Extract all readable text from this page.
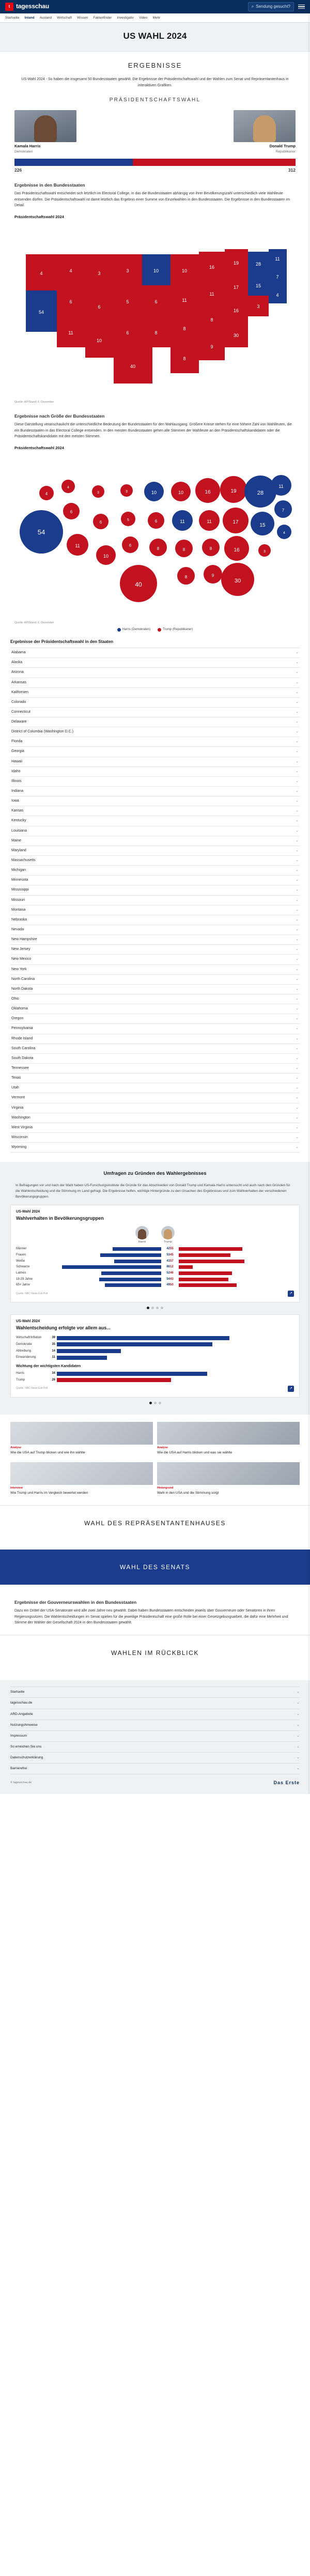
t tagesschau	⌕ Sendung gesucht?
Startseite Inland Ausland Wirtschaft Wissen Faktenfinder Investigativ Video Mehr
US WAHL 2024
ERGEBNISSE
US-Wahl 2024 - So haben die insgesamt 50 Bundesstaaten gewählt. Die Ergebnisse der Präsidentschaftswahl und der Wahlen zum Senat und Repräsentantenhaus in interaktiven Grafiken.
PRÄSIDENTSCHAFTSWAHL
Kamala Harris
Demokraten
Donald Trump
Republikaner
226	312
Ergebnisse in den Bundesstaaten
Das Präsidentschaftswahl entscheidet sich letztlich im Electoral College, in das die Bundesstaaten abhängig von ihrer Bevölkerungszahl unterschiedlich viele Wahlleute entsenden dürfen. Die Präsidentschaftswahl ist damit letztlich das Ergebnis einer Summe von Einzelwahlen in den Bundesstaaten. Die Ergebnisse in den Bundesstaaten im Detail.
Präsidentschaftswahl 2024
4
54
4
6
11
3
6
10
3
5
6
40
10
6
8
10
11
8
8
16
11
8
9
19
17
16
30
28
15
3
11
7
4
Quelle: AP/Stand: 6. Dezember
Ergebnisse nach Größe der Bundesstaaten
Diese Darstellung veranschaulicht die unterschiedliche Bedeutung der Bundesstaaten für den Wahlausgang. Größere Kreise stehen für eine höhere Zahl von Wahlleuten, die ein Bundesstaaten in das Electoral College entsenden. In den meisten Bundesstaaten gehen alle Stimmen der Wahlleute an den Präsidentschaftskandidaten oder die Präsidentschaftskandidatin mit den meisten Stimmen.
Präsidentschaftswahl 2024
54
4
6
11
4
3
6
10
3
5
6
40
10
6
8
10
11
8
8
16
11
8
9
19
17
16
30
28
15
3
11
7
4
Quelle: AP/Stand: 6. Dezember
Harris (Demokraten)	Trump (Republikaner)
Ergebnisse der Präsidentschaftswahl in den Staaten
Alabama	⌄
Alaska	⌄
Arizona	⌄
Arkansas	⌄
Kalifornien	⌄
Colorado	⌄
Connecticut	⌄
Delaware	⌄
District of Columbia (Washington D.C.)	⌄
Florida	⌄
Georgia	⌄
Hawaii	⌄
Idaho	⌄
Illinois	⌄
Indiana	⌄
Iowa	⌄
Kansas	⌄
Kentucky	⌄
Louisiana	⌄
Maine	⌄
Maryland	⌄
Massachusetts	⌄
Michigan	⌄
Minnesota	⌄
Mississippi	⌄
Missouri	⌄
Montana	⌄
Nebraska	⌄
Nevada	⌄
New Hampshire	⌄
New Jersey	⌄
New Mexico	⌄
New York	⌄
North Carolina	⌄
North Dakota	⌄
Ohio	⌄
Oklahoma	⌄
Oregon	⌄
Pennsylvania	⌄
Rhode Island	⌄
South Carolina	⌄
South Dakota	⌄
Tennessee	⌄
Texas	⌄
Utah	⌄
Vermont	⌄
Virginia	⌄
Washington	⌄
West Virginia	⌄
Wisconsin	⌄
Wyoming	⌄
Umfragen zu Gründen des Wahlergebnisses
In Befragungen vor und nach der Wahl haben US-Forschungsinstitute die Gründe für das Abschneiden von Donald Trump und Kamala Harris untersucht und auch nach den Gründen für die Wahlentscheidung und die Stimmung im Land gefragt. Die Ergebnisse helfen, wichtige Hintergründe zu den Ursachen des Ergebnisses und zum Wahlverhalten der verschiedenen Bevölkerungsgruppen.
US-Wahl 2024
Wahlverhalten in Bevölkerungsgruppen
Harris	Trump
Männer	42 55
Frauen	53 45
Weiße	41 57
Schwarze	86 12
Latinos	52 46
18-29 Jahre	54 43
65+ Jahre	49 50
Quelle: NBC News Exit Poll	↗
US-Wahl 2024
Wahlentscheidung erfolgte vor allem aus...
Wirtschaft/Inflation	39
Demokratie	35
Abtreibung	14
Einwanderung	11
Wichtung der wichtigsten Kandidaten
Harris	34
Trump	26
Quelle: NBC News Exit Poll	↗
Analyse
Wie die USA auf Trump blicken und wie ihn wählte
Analyse
Wie die USA auf Harris blicken und was sie wählte
Interview
Wie Trump und Harris im Vergleich bewertet werden
Hintergrund
Wahl in den USA und die Stimmung sorgt
WAHL DES REPRÄSENTANTENHAUSES
WAHL DES SENATS
Ergebnisse der Gouverneurswahlen in den Bundesstaaten
Dazu ein Drittel der USA-Senatorate wird alle zwei Jahre neu gewählt. Dabei haben Bundesstaaten entscheiden jeweils über Gouverneure oder Senatoren in ihren Regierungssitzen. Die Wahlentscheidungen im Senat spielen für die jeweilige Präsidentschaft eine große Rolle bei einer Gesetzgebungsarbeit, die dafür eine Mehrheit und Stimme der Wähler der Gesellschaft 2024 in den Bundesstaaten gewählt.
WAHLEN IM RÜCKBLICK
Startseite	⌄
tagesschau.de	⌄
ARD-Angebote	⌄
Nutzungshinweise	⌄
Impressum	⌄
So erreichen Sie uns	⌄
Datenschutzerklärung	⌄
Barrierefrei	⌄
© tagesschau.de	Das Erste
